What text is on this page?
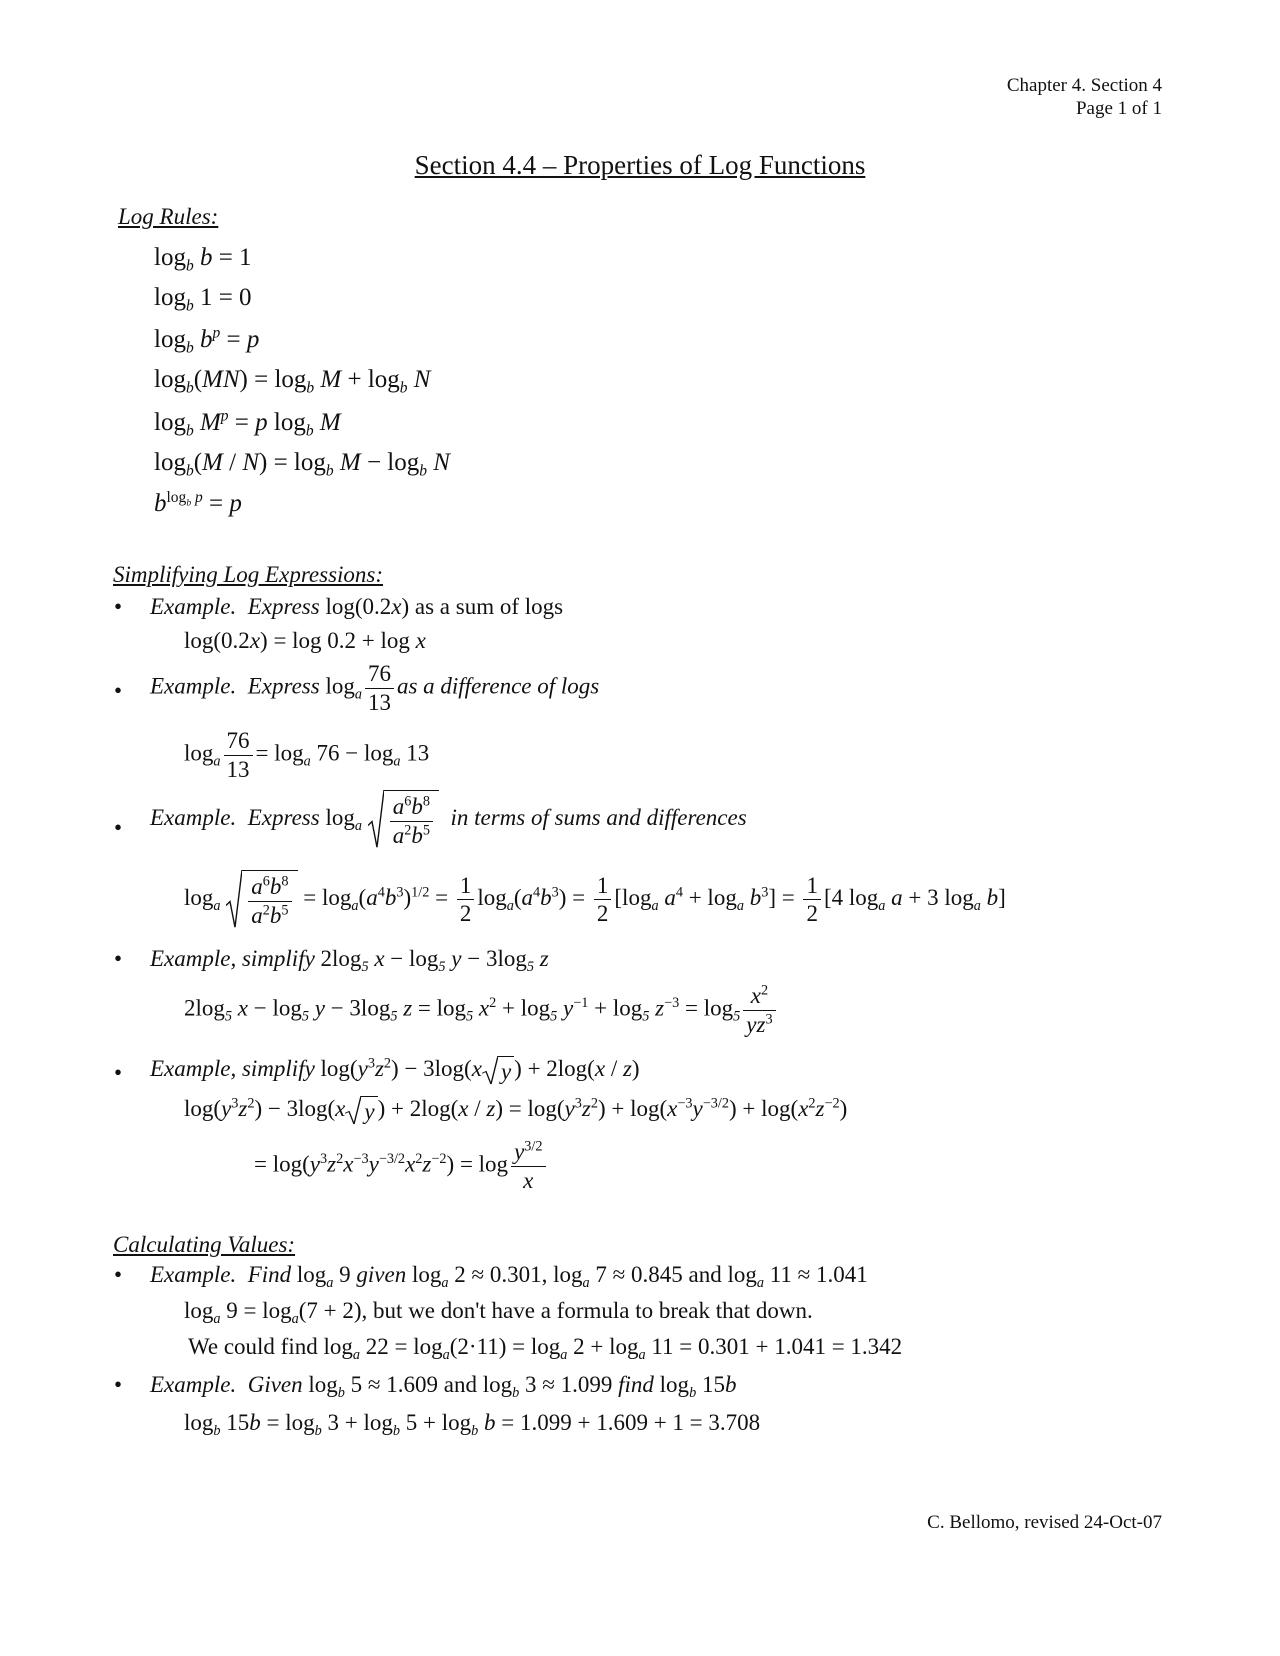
Chapter 4. Section 4
Page 1 of 1
Section 4.4 – Properties of Log Functions
Log Rules:
$\log_b b = 1$
$\log_b 1 = 0$
$\log_b b^p = p$
$\log_b(MN) = \log_b M + \log_b N$
$\log_b M^p = p$ $\log_b M$
$\log_b(M / N) = \log_b M - \log_b N$
$b^{log_b p} = p$
Simplifying Log Expressions:
• Example.  Express log(0.2x) as a sum of logs
log(0.2x) = log 0.2 + log x
• Example.  Express $\log_a \frac{76}{13}$ as a difference of logs
$\log_a \frac{76}{13} = \log_a 76 - \log_a 13$
• Example.  Express $\log_a \frac{a^6b^8}{a^2b^5}$ in terms of sums and differences
$\log_a \frac{a^6b^8}{a^2b^5} = \log_a(a^4b^3)^{1/2} = \frac{1}{2} \log_a(a^4b^3) = \frac{1}{2} [\log_a$ $a^4 + \log_a b^3] = \frac{1}{2} [4$ $\log_a a + 3$ $\log_a b$]
• Example, simplify $2\log_5$ $x - \log_5 y - 3\log_5$ z
$2\log_5$ $x - \log_5 y - 3\log_5$ $z = \log_5 x^2 + \log_5 y^{-1} + \log_5 z^{-3} = \log_5 \frac{x^2}{yz^3}$
• Example, simplify $\log(y^3z^2) - 3\log(x$ y ) + 2log(x / z)
$\log(y^3z^2) - 3\log(x$ y ) + $2\log(x / z) = \log(y^3z^2) + \log(x^{-3}y^{-3/2}) + \log(x^2z^{-2})$
= $\log(y^3z^2x^{-3}y^{-3/2}x^2z^{-2}) = \log \frac{y^{3/2}}{x}$
Calculating Values:
• Example.  Find $\log_a 9$ given $\log_a 2 \approx 0.301$, $\log_a 7 \approx 0.845$ and $\log_a 11 \approx 1.041$
$\log_a 9 = \log_a(7 + 2)$, but we don't have a formula to break that down.
We could find $\log_a 22 = \log_a(2\cdot 11) = \log_a 2 + \log_a 11 = 0.301 + 1.041 = 1.342$
• Example.  Given $\log_b 5 \approx 1.609$ and $\log_b 3 \approx 1.099$ find $\log_b 15b$
$\log_b 15b = \log_b 3 + \log_b 5 + \log_b b = 1.099 + 1.609 + 1 = 3.708$
C. Bellomo, revised 24-Oct-07
